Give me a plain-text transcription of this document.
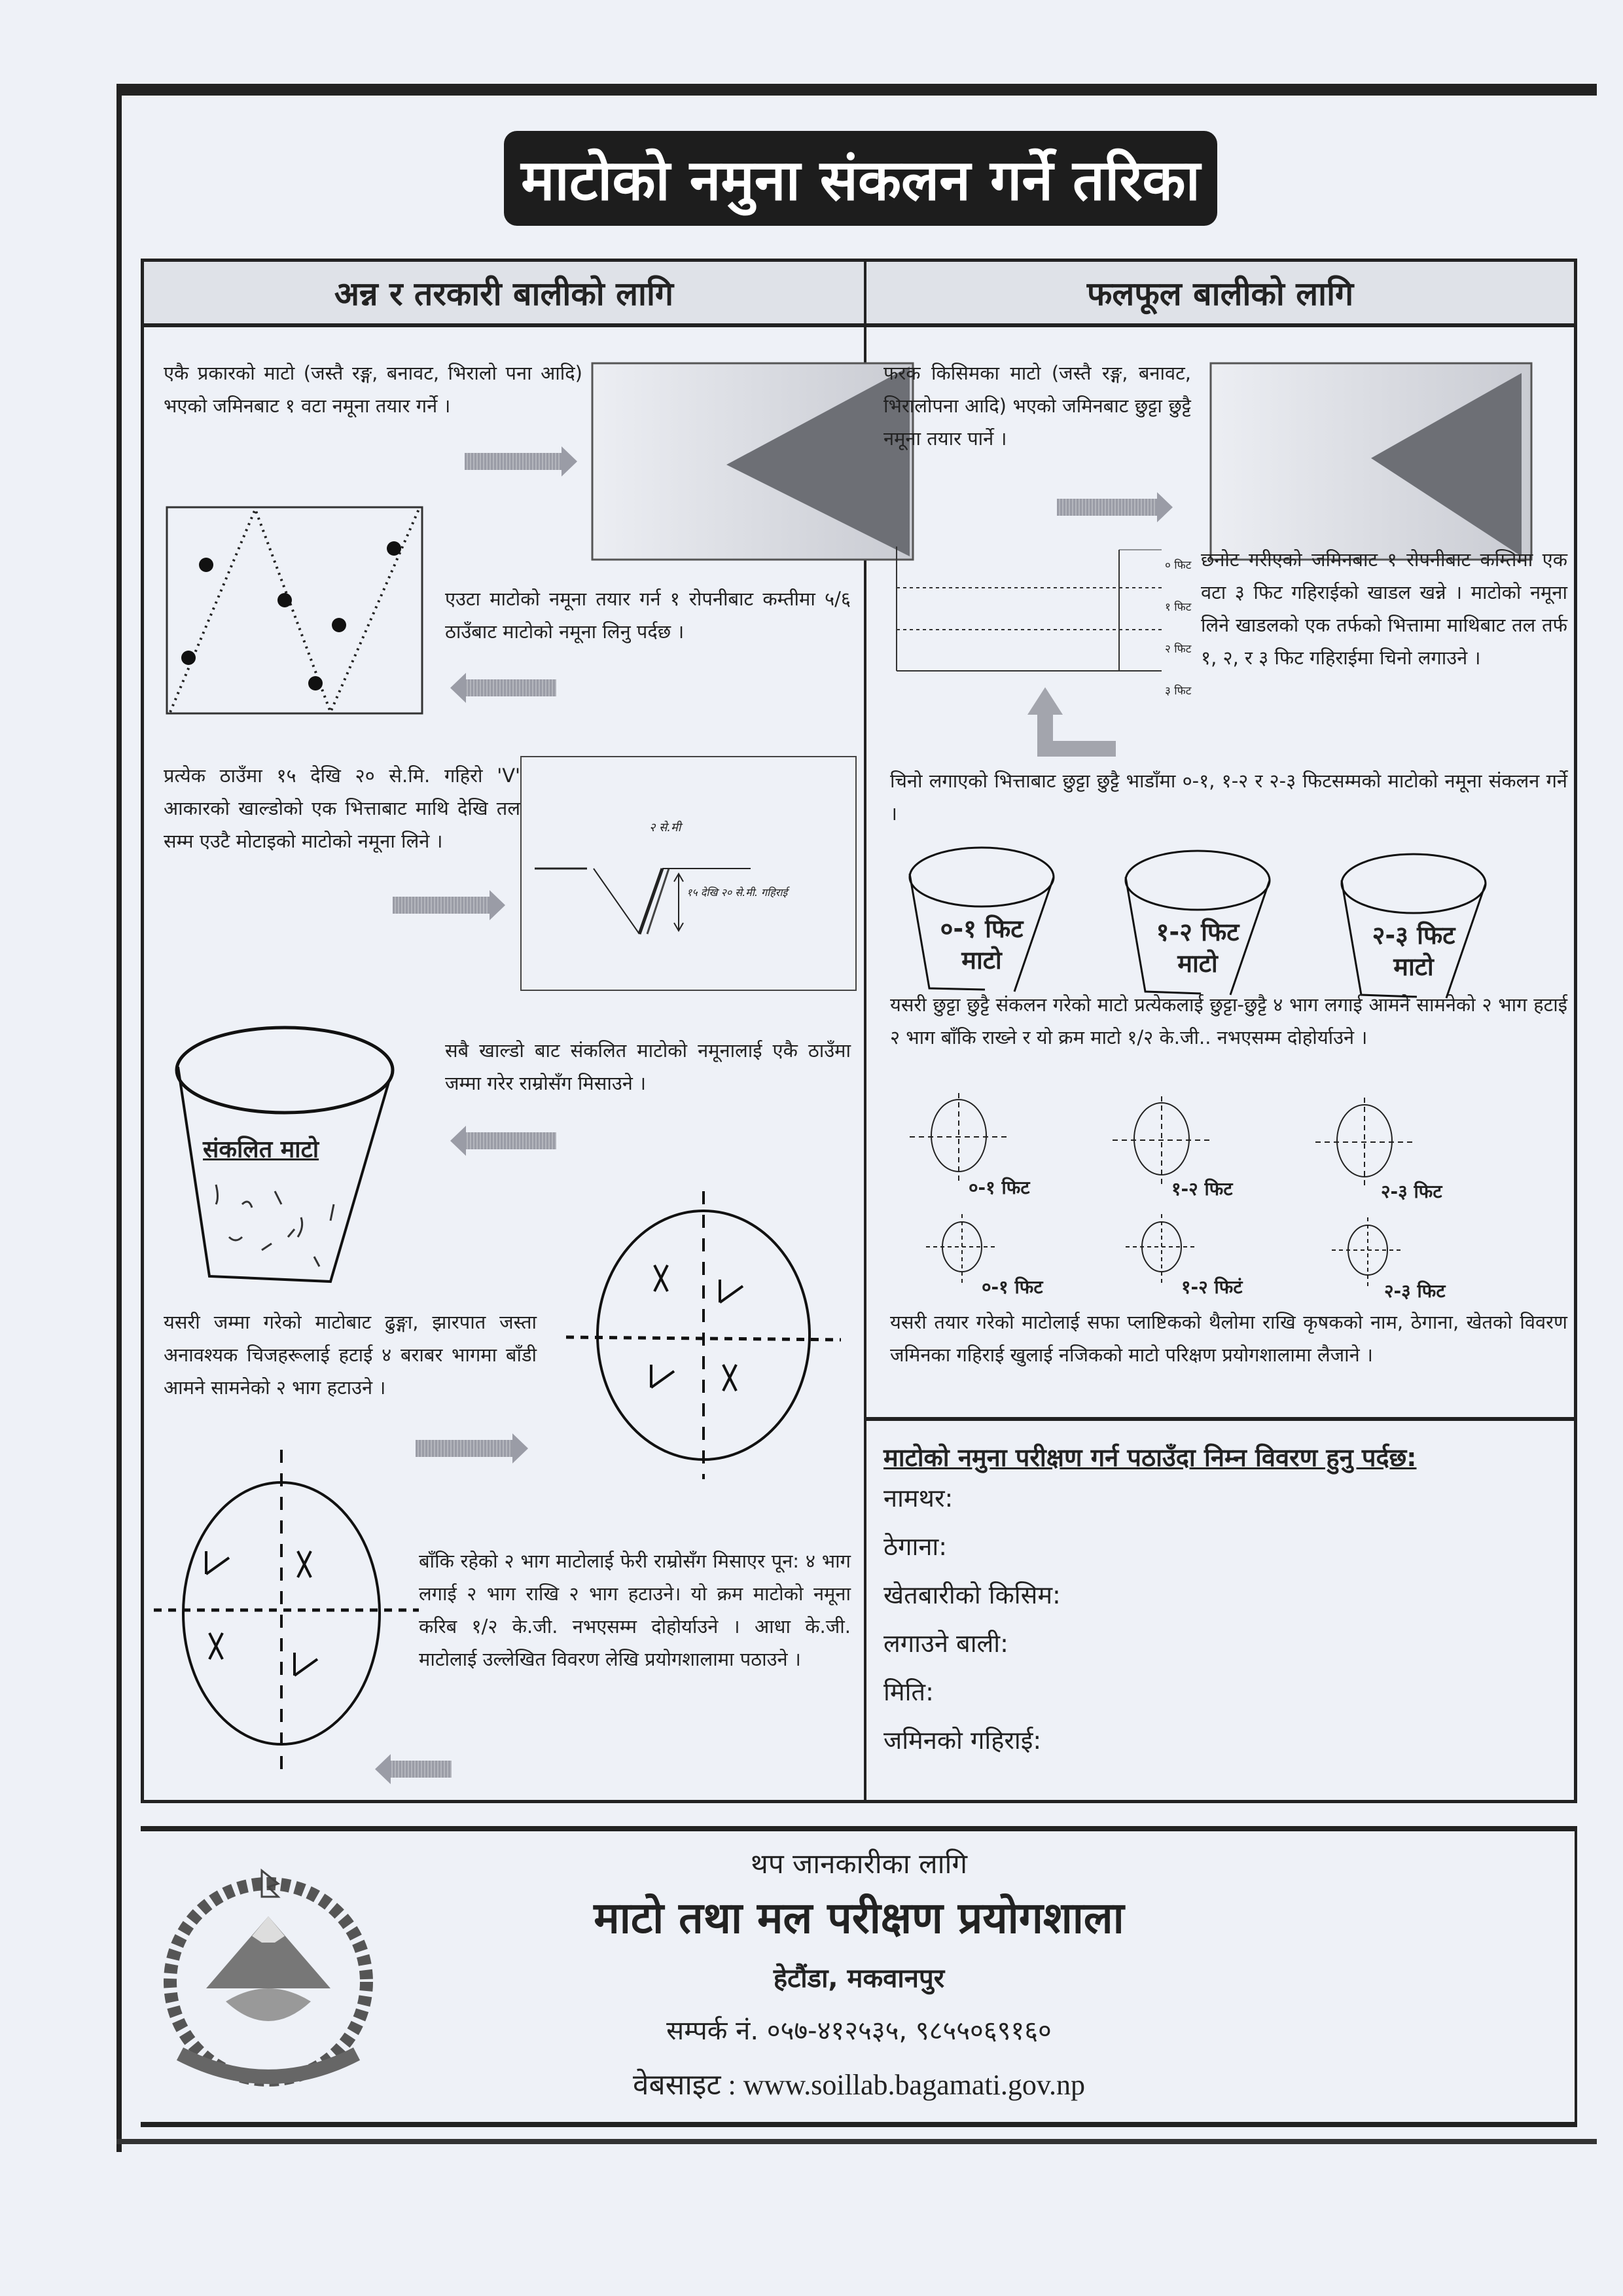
माटोको नमुना संकलन गर्ने तरिका
अन्न र तरकारी बालीको लागि	फलफूल बालीको लागि
एकै प्रकारको माटो (जस्तै रङ्ग, बनावट, भिरालो पना आदि) भएको जमिनबाट १ वटा नमूना तयार गर्ने ।
एउटा माटोको नमूना तयार गर्न १ रोपनीबाट कम्तीमा ५/६ ठाउँबाट माटोको नमूना लिनु पर्दछ ।
प्रत्येक ठाउँमा १५ देखि २० से.मि. गहिरो 'V' आकारको खाल्डोको एक भित्ताबाट माथि देखि तल सम्म एउटै मोटाइको माटोको नमूना लिने ।
२ से.मी
१५ देखि २० से.मी. गहिराई
संकलित माटो
सबै खाल्डो बाट संकलित माटोको नमूनालाई एकै ठाउँमा जम्मा गरेर राम्रोसँग मिसाउने ।
यसरी जम्मा गरेको माटोबाट ढुङ्गा, झारपात जस्ता अनावश्यक चिजहरूलाई हटाई ४ बराबर भागमा बाँडी आमने सामनेको २ भाग हटाउने ।
बाँकि रहेको २ भाग माटोलाई फेरी राम्रोसँग मिसाएर पून: ४ भाग लगाई २ भाग राखि २ भाग हटाउने। यो क्रम माटोको नमूना करिब १/२ के.जी. नभएसम्म दोहोर्याउने । आधा के.जी. माटोलाई उल्लेखित विवरण लेखि प्रयोगशालामा पठाउने ।
फरक किसिमका माटो (जस्तै रङ्ग, बनावट, भिरालोपना आदि) भएको जमिनबाट छुट्टा छुट्टै नमूना तयार पार्ने ।
० फिट
१ फिट
२ फिट
३ फिट
छनोट गरीएको जमिनबाट १ रोपनीबाट कम्तिमा एक वटा ३ फिट गहिराईको खाडल खन्ने । माटोको नमूना लिने खाडलको एक तर्फको भित्तामा माथिबाट तल तर्फ १, २, र ३ फिट गहिराईमा चिनो लगाउने ।
चिनो लगाएको भित्ताबाट छुट्टा छुट्टै भाडाँमा ०-१, १-२ र २-३ फिटसम्मको माटोको नमूना संकलन गर्ने ।
०-१ फिट
माटो
१-२ फिट
माटो
२-३ फिट
माटो
यसरी छुट्टा छुट्टै संकलन गरेको माटो प्रत्येकलाई छुट्टा-छुट्टै ४ भाग लगाई आमने सामनेको २ भाग हटाई २ भाग बाँकि राख्ने र यो क्रम माटो १/२ के.जी.. नभएसम्म दोहोर्याउने ।
०-१ फिट	१-२ फिट	२-३ फिट
०-१ फिट	१-२ फिटं	२-३ फिट
यसरी तयार गरेको माटोलाई सफा प्लाष्टिकको थैलोमा राखि कृषकको नाम, ठेगाना, खेतको विवरण जमिनका गहिराई खुलाई नजिकको माटो परिक्षण प्रयोगशालामा लैजाने ।
माटोको नमुना परीक्षण गर्न पठाउँदा निम्न विवरण हुनु पर्दछ:
नामथर:
ठेगाना:
खेतबारीको किसिम:
लगाउने बाली:
मिति:
जमिनको गहिराई:
थप जानकारीका लागि
माटो तथा मल परीक्षण प्रयोगशाला
हेटौंडा, मकवानपुर
सम्पर्क नं. ०५७-४१२५३५, ९८५५०६९१६०
वेबसाइट : www.soillab.bagamati.gov.np
